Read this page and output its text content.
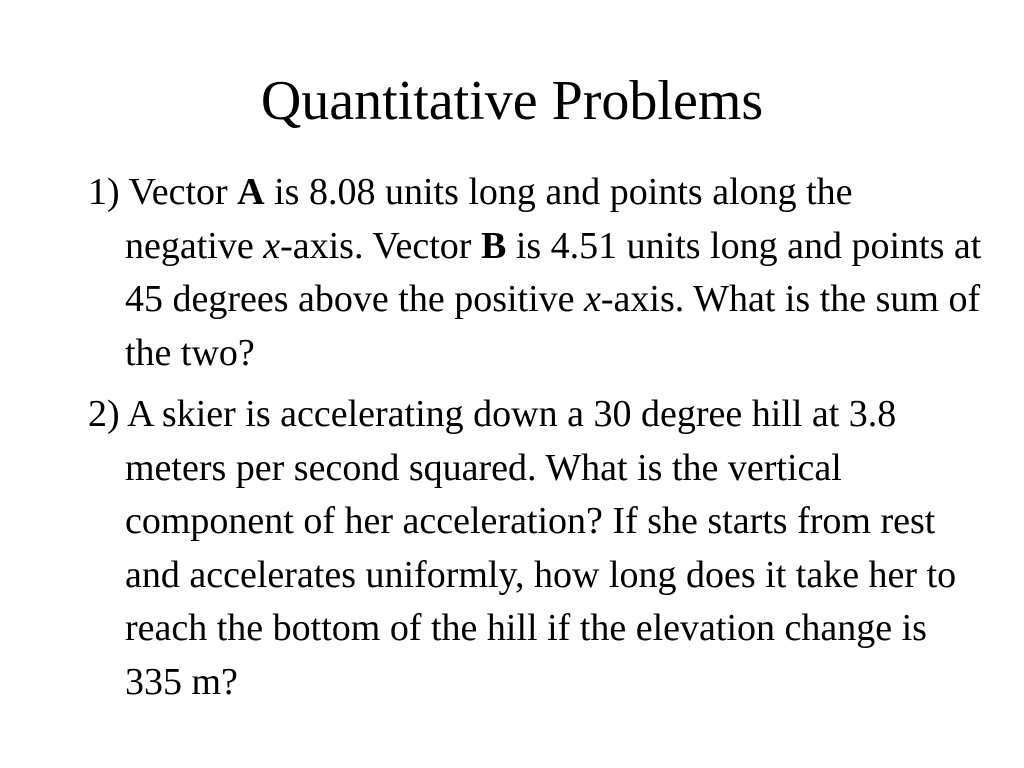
Quantitative Problems
1) Vector A is 8.08 units long and points along the negative x-axis. Vector B is 4.51 units long and points at 45 degrees above the positive x-axis. What is the sum of the two?
2) A skier is accelerating down a 30 degree hill at 3.8 meters per second squared. What is the vertical component of her acceleration? If she starts from rest and accelerates uniformly, how long does it take her to reach the bottom of the hill if the elevation change is 335 m?
